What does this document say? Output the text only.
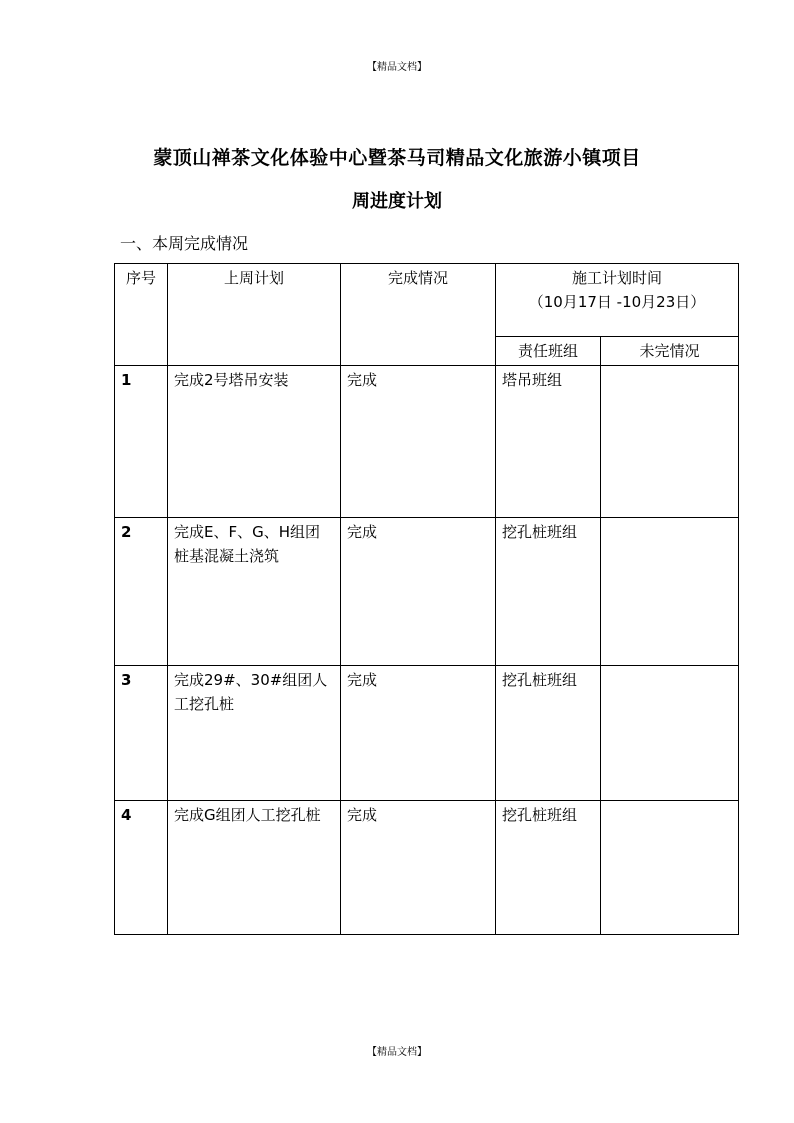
【精品文档】
蒙顶山禅茶文化体验中心暨茶马司精品文化旅游小镇项目
周进度计划
一、本周完成情况
序号	上周计划	完成情况	施工计划时间
（10月17日 -10月23日）	

			责任班组	未完情况
1	完成2号塔吊安装	完成	塔吊班组	
2	完成E、F、G、H组团桩基混凝土浇筑	完成	挖孔桩班组	
3	完成29#、30#组团人工挖孔桩	完成	挖孔桩班组	
4	完成G组团人工挖孔桩	完成	挖孔桩班组	
【精品文档】
